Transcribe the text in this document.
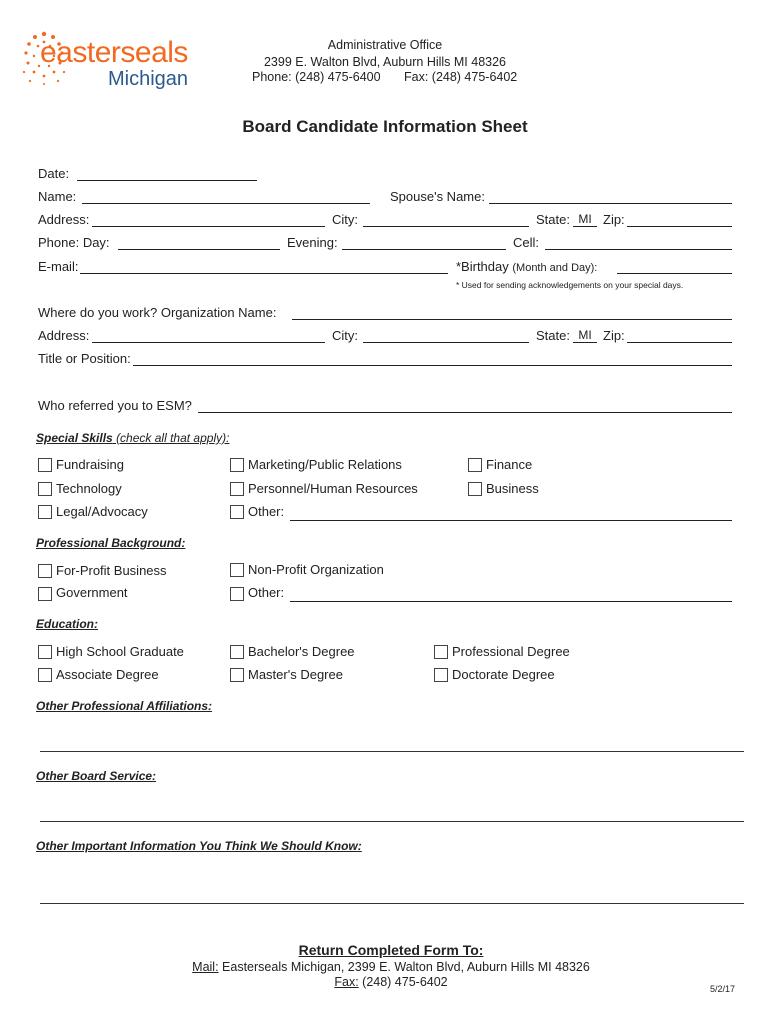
easterseals
Michigan
Administrative Office
2399 E. Walton Blvd, Auburn Hills MI 48326
Phone: (248) 475-6400 Fax: (248) 475-6402
Board Candidate Information Sheet
Date:
Name:	Spouse's Name:
Address:	City:	State: MI Zip:
Phone: Day:	Evening:	Cell:
E-mail:	*Birthday (Month and Day):
* Used for sending acknowledgements on your special days.
Where do you work? Organization Name:
Address:	City:	State: MI Zip:
Title or Position:
Who referred you to ESM?
Special Skills (check all that apply):
Fundraising	Marketing/Public Relations	Finance
Technology	Personnel/Human Resources	Business
Legal/Advocacy	Other:
Professional Background:
For-Profit Business	Non-Profit Organization
Government	Other:
Education:
High School Graduate	Bachelor's Degree	Professional Degree
Associate Degree	Master's Degree	Doctorate Degree
Other Professional Affiliations:
Other Board Service:
Other Important Information You Think We Should Know:
Return Completed Form To:
Mail: Easterseals Michigan, 2399 E. Walton Blvd, Auburn Hills MI 48326
Fax: (248) 475-6402	5/2/17
